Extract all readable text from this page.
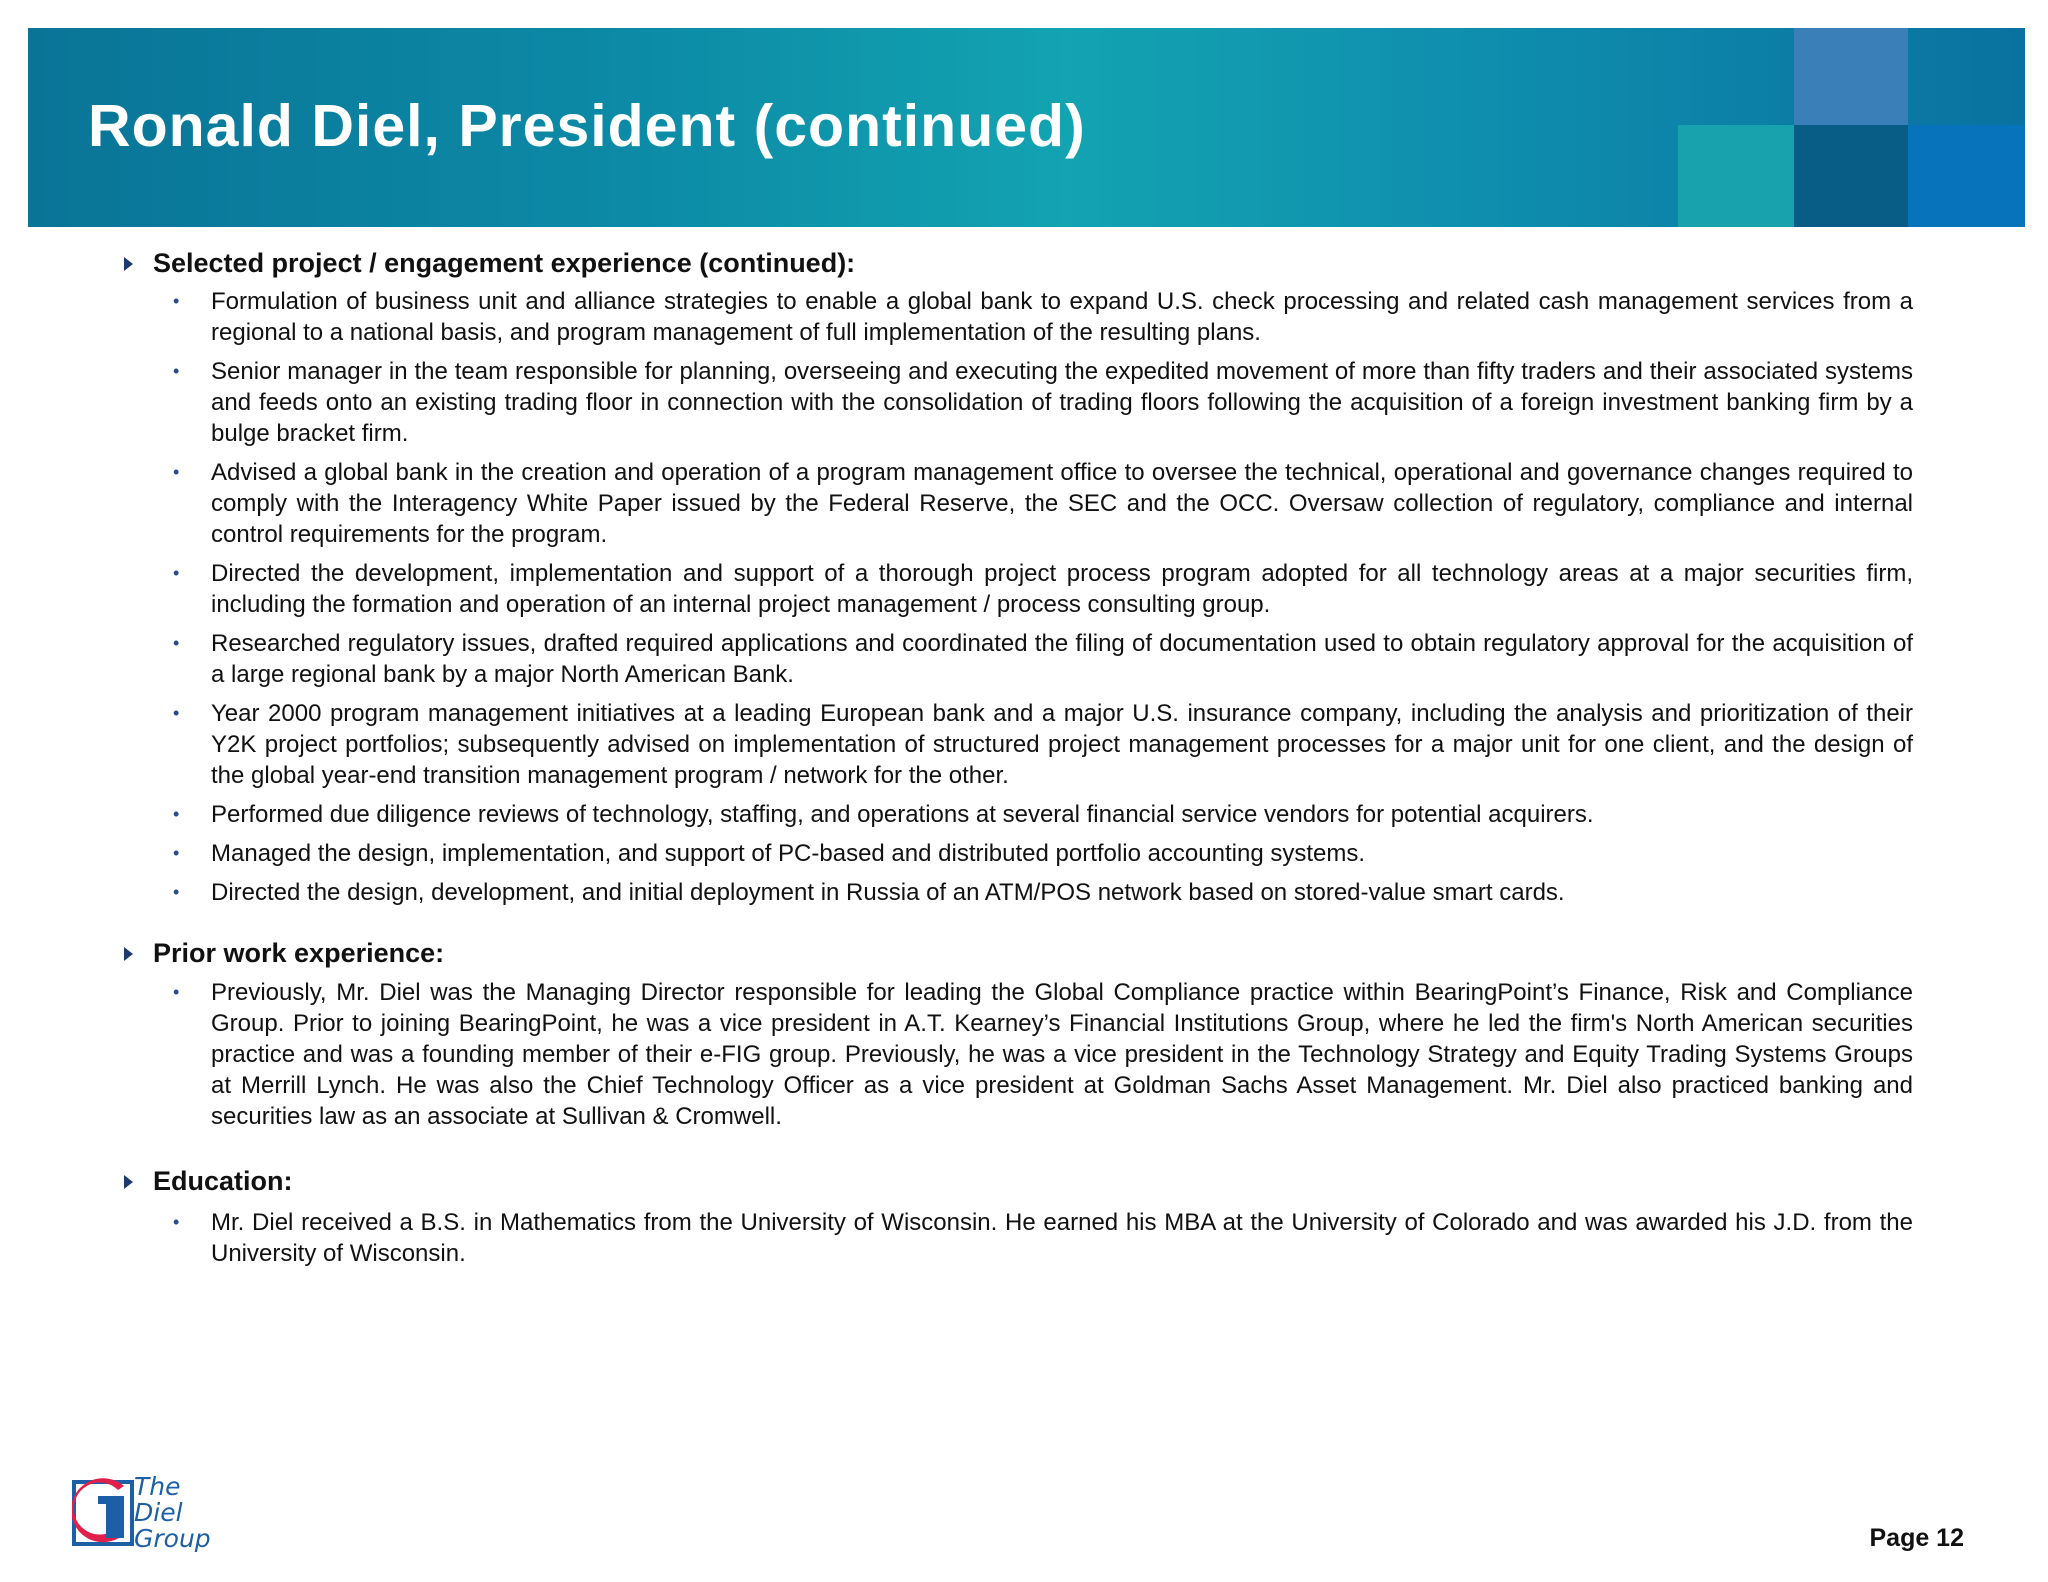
Ronald Diel, President (continued)
Selected project / engagement experience (continued):
• Formulation of business unit and alliance strategies to enable a global bank to expand U.S. check processing and related cash management services from a regional to a national basis, and program management of full implementation of the resulting plans.
• Senior manager in the team responsible for planning, overseeing and executing the expedited movement of more than fifty traders and their associated systems and feeds onto an existing trading floor in connection with the consolidation of trading floors following the acquisition of a foreign investment banking firm by a bulge bracket firm.
• Advised a global bank in the creation and operation of a program management office to oversee the technical, operational and governance changes required to comply with the Interagency White Paper issued by the Federal Reserve, the SEC and the OCC. Oversaw collection of regulatory, compliance and internal control requirements for the program.
• Directed the development, implementation and support of a thorough project process program adopted for all technology areas at a major securities firm, including the formation and operation of an internal project management / process consulting group.
• Researched regulatory issues, drafted required applications and coordinated the filing of documentation used to obtain regulatory approval for the acquisition of a large regional bank by a major North American Bank.
• Year 2000 program management initiatives at a leading European bank and a major U.S. insurance company, including the analysis and prioritization of their Y2K project portfolios; subsequently advised on implementation of structured project management processes for a major unit for one client, and the design of the global year-end transition management program / network for the other.
• Performed due diligence reviews of technology, staffing, and operations at several financial service vendors for potential acquirers.
• Managed the design, implementation, and support of PC-based and distributed portfolio accounting systems.
• Directed the design, development, and initial deployment in Russia of an ATM/POS network based on stored-value smart cards.
Prior work experience:
• Previously, Mr. Diel was the Managing Director responsible for leading the Global Compliance practice within BearingPoint’s Finance, Risk and Compliance Group. Prior to joining BearingPoint, he was a vice president in A.T. Kearney’s Financial Institutions Group, where he led the firm's North American securities practice and was a founding member of their e-FIG group. Previously, he was a vice president in the Technology Strategy and Equity Trading Systems Groups at Merrill Lynch. He was also the Chief Technology Officer as a vice president at Goldman Sachs Asset Management. Mr. Diel also practiced banking and securities law as an associate at Sullivan & Cromwell.
Education:
• Mr. Diel received a B.S. in Mathematics from the University of Wisconsin. He earned his MBA at the University of Colorado and was awarded his J.D. from the University of Wisconsin.
The
Diel
Group	Page 12
